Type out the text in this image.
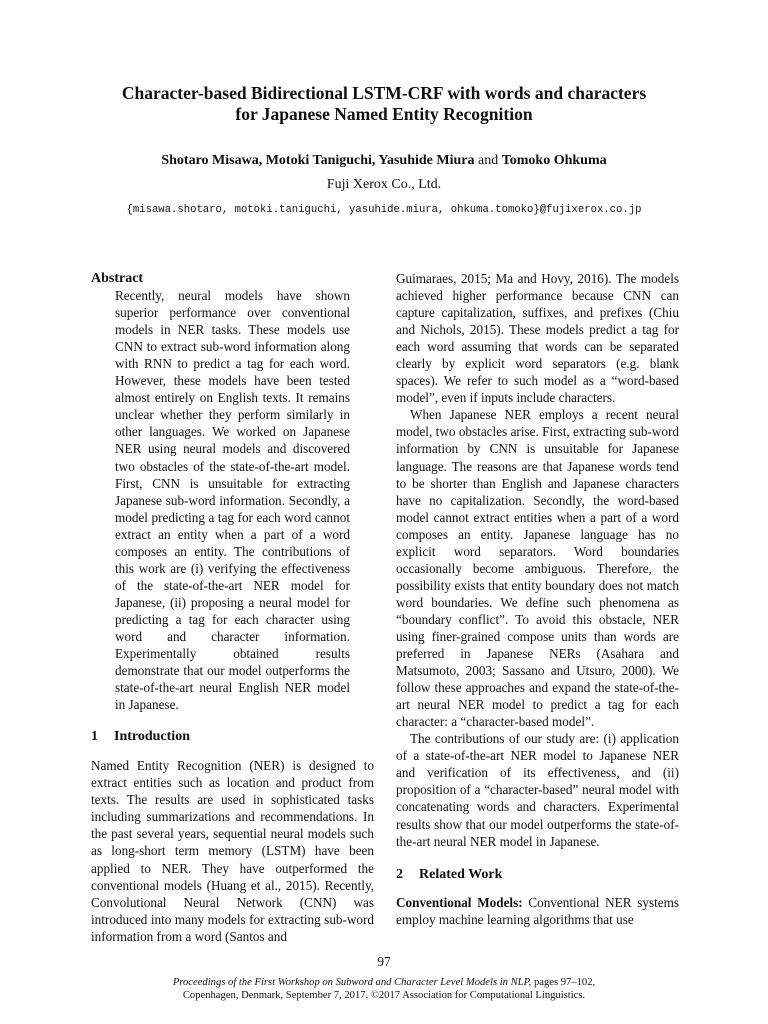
Character-based Bidirectional LSTM-CRF with words and characters
for Japanese Named Entity Recognition
Shotaro Misawa, Motoki Taniguchi, Yasuhide Miura and Tomoko Ohkuma
Fuji Xerox Co., Ltd.
{misawa.shotaro, motoki.taniguchi, yasuhide.miura, ohkuma.tomoko}@fujixerox.co.jp

Abstract

Recently, neural models have shown superior performance over conventional models in NER tasks. These models use CNN to extract sub-word information along with RNN to predict a tag for each word. However, these models have been tested almost entirely on English texts. It remains unclear whether they perform similarly in other languages. We worked on Japanese NER using neural models and discovered two obstacles of the state-of-the-art model. First, CNN is unsuitable for extracting Japanese sub-word information. Secondly, a model predicting a tag for each word cannot extract an entity when a part of a word composes an entity. The contributions of this work are (i) verifying the effectiveness of the state-of-the-art NER model for Japanese, (ii) proposing a neural model for predicting a tag for each character using word and character information. Experimentally obtained results demonstrate that our model outperforms the state-of-the-art neural English NER model in Japanese.

1 Introduction

Named Entity Recognition (NER) is designed to extract entities such as location and product from texts. The results are used in sophisticated tasks including summarizations and recommendations. In the past several years, sequential neural models such as long-short term memory (LSTM) have been applied to NER. They have outperformed the conventional models (Huang et al., 2015). Recently, Convolutional Neural Network (CNN) was introduced into many models for extracting sub-word information from a word (Santos and

Guimaraes, 2015; Ma and Hovy, 2016). The models achieved higher performance because CNN can capture capitalization, suffixes, and prefixes (Chiu and Nichols, 2015). These models predict a tag for each word assuming that words can be separated clearly by explicit word separators (e.g. blank spaces). We refer to such model as a “word-based model”, even if inputs include characters.

When Japanese NER employs a recent neural model, two obstacles arise. First, extracting sub-word information by CNN is unsuitable for Japanese language. The reasons are that Japanese words tend to be shorter than English and Japanese characters have no capitalization. Secondly, the word-based model cannot extract entities when a part of a word composes an entity. Japanese language has no explicit word separators. Word boundaries occasionally become ambiguous. Therefore, the possibility exists that entity boundary does not match word boundaries. We define such phenomena as “boundary conflict”. To avoid this obstacle, NER using finer-grained compose units than words are preferred in Japanese NERs (Asahara and Matsumoto, 2003; Sassano and Utsuro, 2000). We follow these approaches and expand the state-of-the-art neural NER model to predict a tag for each character: a “character-based model”.

The contributions of our study are: (i) application of a state-of-the-art NER model to Japanese NER and verification of its effectiveness, and (ii) proposition of a “character-based” neural model with concatenating words and characters. Experimental results show that our model outperforms the state-of-the-art neural NER model in Japanese.

2 Related Work

Conventional Models: Conventional NER systems employ machine learning algorithms that use

97
Proceedings of the First Workshop on Subword and Character Level Models in NLP, pages 97–102,
Copenhagen, Denmark, September 7, 2017. ©2017 Association for Computational Linguistics.
